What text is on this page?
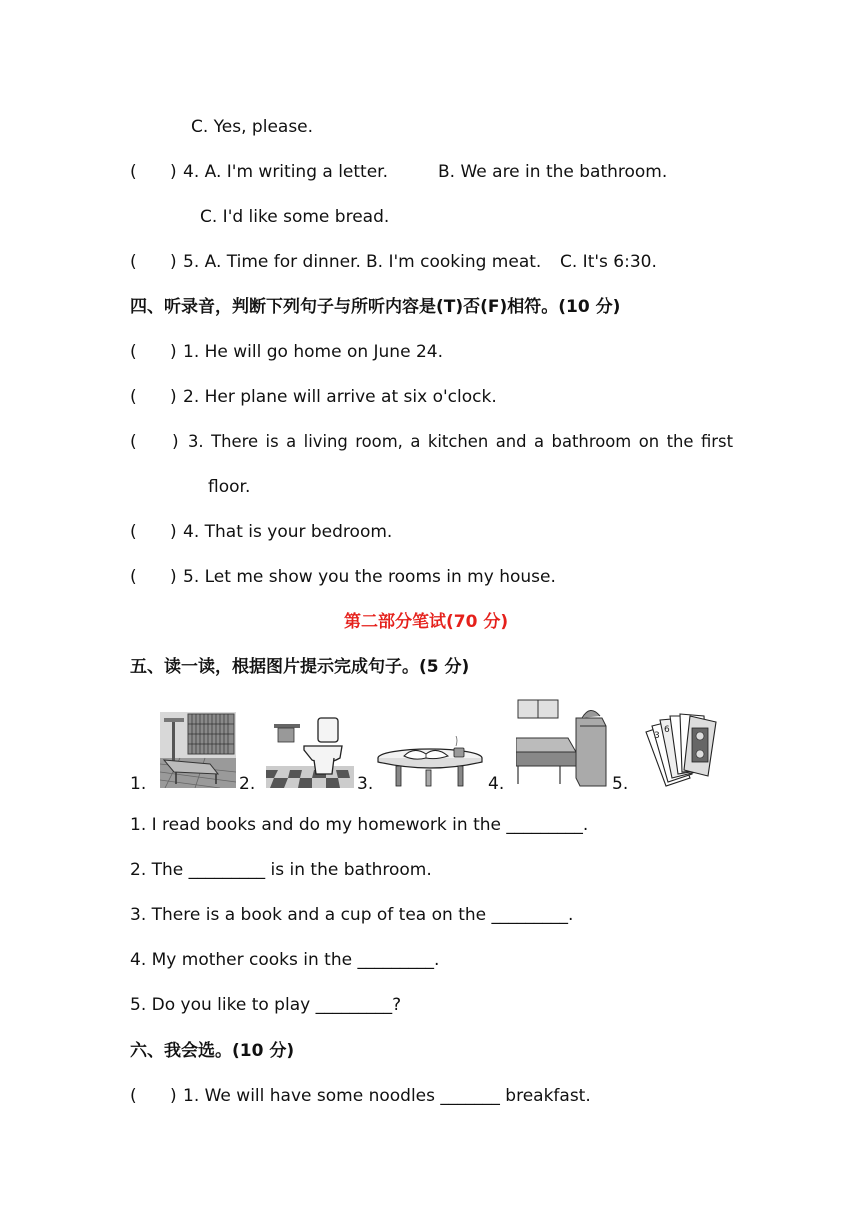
C. Yes, please.
( ) 4. A. I'm writing a letter.	B. We are in the bathroom.
C. I'd like some bread.
( ) 5. A. Time for dinner. B. I'm cooking meat. C. It's 6:30.
四、听录音，判断下列句子与所听内容是(T)否(F)相符。(10 分)
( ) 1. He will go home on June 24.
( ) 2. Her plane will arrive at six o'clock.
( ) 3. There is a living room, a kitchen and a bathroom on the first
floor.
( ) 4. That is your bedroom.
( ) 5. Let me show you the rooms in my house.
第二部分笔试(70 分)
五、读一读，根据图片提示完成句子。(5 分)
1.	2.	3.	4.	5.
3
6
1. I read books and do my homework in the _________.
2. The _________ is in the bathroom.
3. There is a book and a cup of tea on the _________.
4. My mother cooks in the _________.
5. Do you like to play _________?
六、我会选。(10 分)
( ) 1. We will have some noodles _______ breakfast.
